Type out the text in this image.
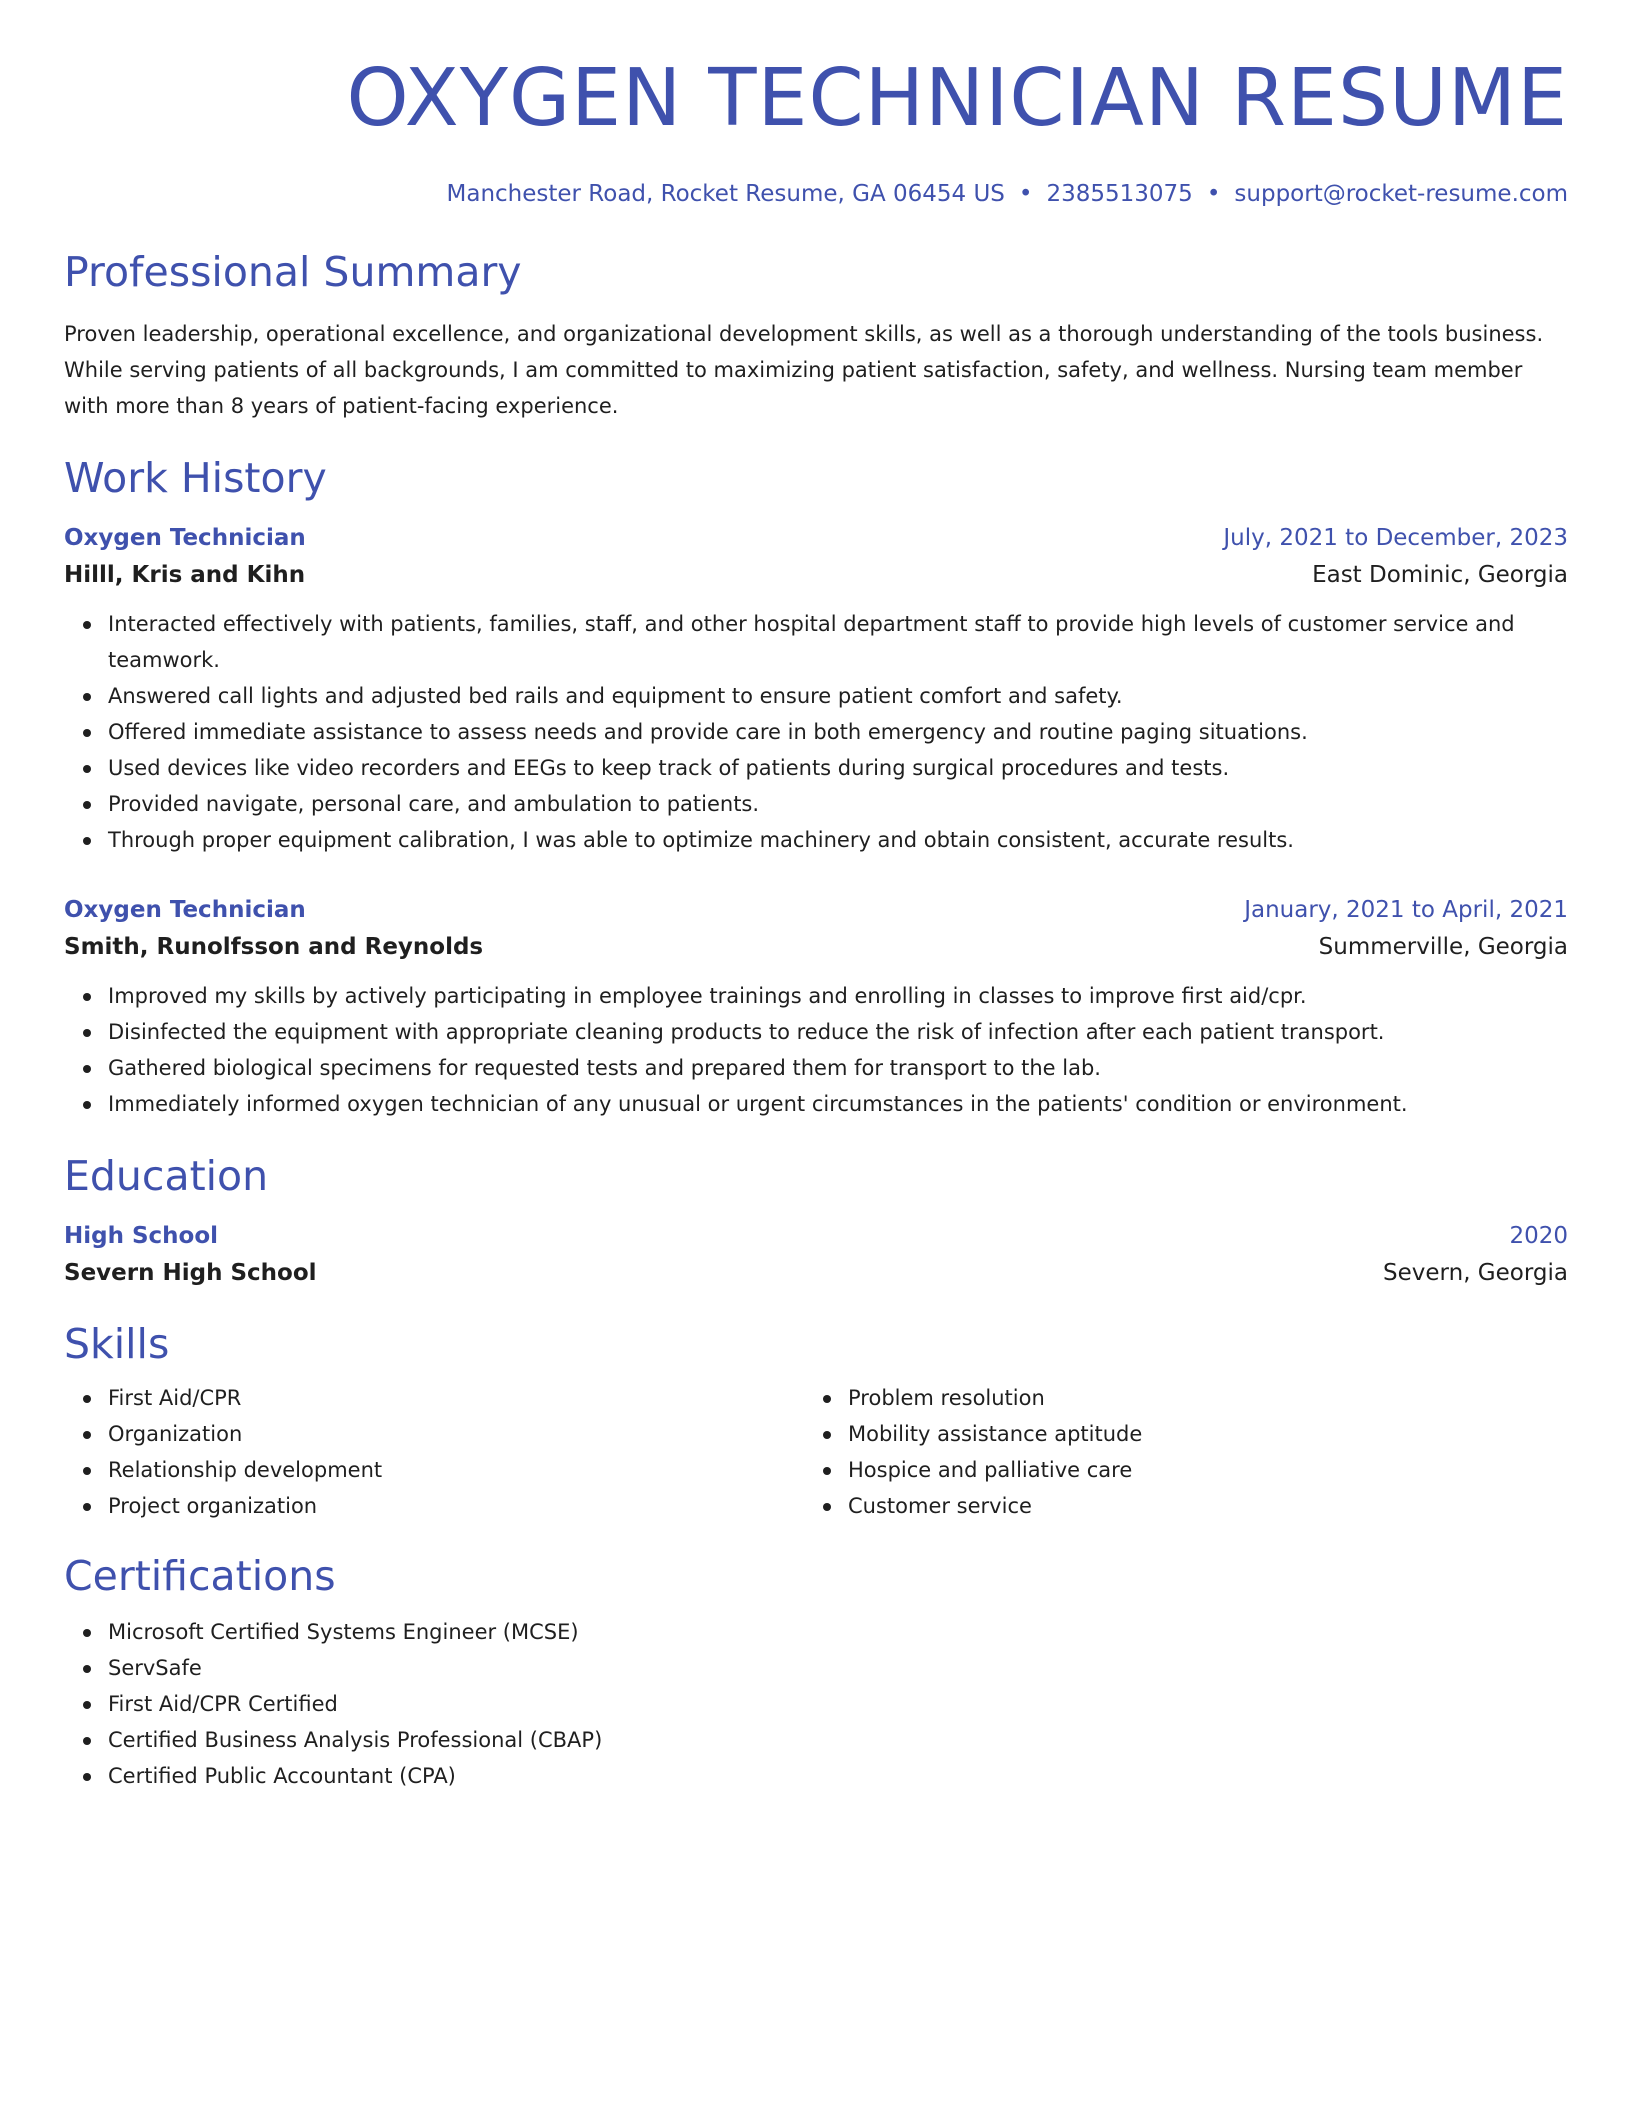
OXYGEN TECHNICIAN RESUME
Manchester Road, Rocket Resume, GA 06454 US • 2385513075 • support@rocket-resume.com
Professional Summary
Proven leadership, operational excellence, and organizational development skills, as well as a thorough understanding of the tools business. While serving patients of all backgrounds, I am committed to maximizing patient satisfaction, safety, and wellness. Nursing team member with more than 8 years of patient-facing experience.
Work History
Oxygen Technician	July, 2021 to December, 2023
Hilll, Kris and Kihn	East Dominic, Georgia
Interacted effectively with patients, families, staff, and other hospital department staff to provide high levels of customer service and teamwork.
Answered call lights and adjusted bed rails and equipment to ensure patient comfort and safety.
Offered immediate assistance to assess needs and provide care in both emergency and routine paging situations.
Used devices like video recorders and EEGs to keep track of patients during surgical procedures and tests.
Provided navigate, personal care, and ambulation to patients.
Through proper equipment calibration, I was able to optimize machinery and obtain consistent, accurate results.
Oxygen Technician	January, 2021 to April, 2021
Smith, Runolfsson and Reynolds	Summerville, Georgia
Improved my skills by actively participating in employee trainings and enrolling in classes to improve first aid/cpr.
Disinfected the equipment with appropriate cleaning products to reduce the risk of infection after each patient transport.
Gathered biological specimens for requested tests and prepared them for transport to the lab.
Immediately informed oxygen technician of any unusual or urgent circumstances in the patients' condition or environment.
Education
High School	2020
Severn High School	Severn, Georgia
Skills
First Aid/CPR
Organization
Relationship development
Project organization
Problem resolution
Mobility assistance aptitude
Hospice and palliative care
Customer service
Certifications
Microsoft Certified Systems Engineer (MCSE)
ServSafe
First Aid/CPR Certified
Certified Business Analysis Professional (CBAP)
Certified Public Accountant (CPA)
